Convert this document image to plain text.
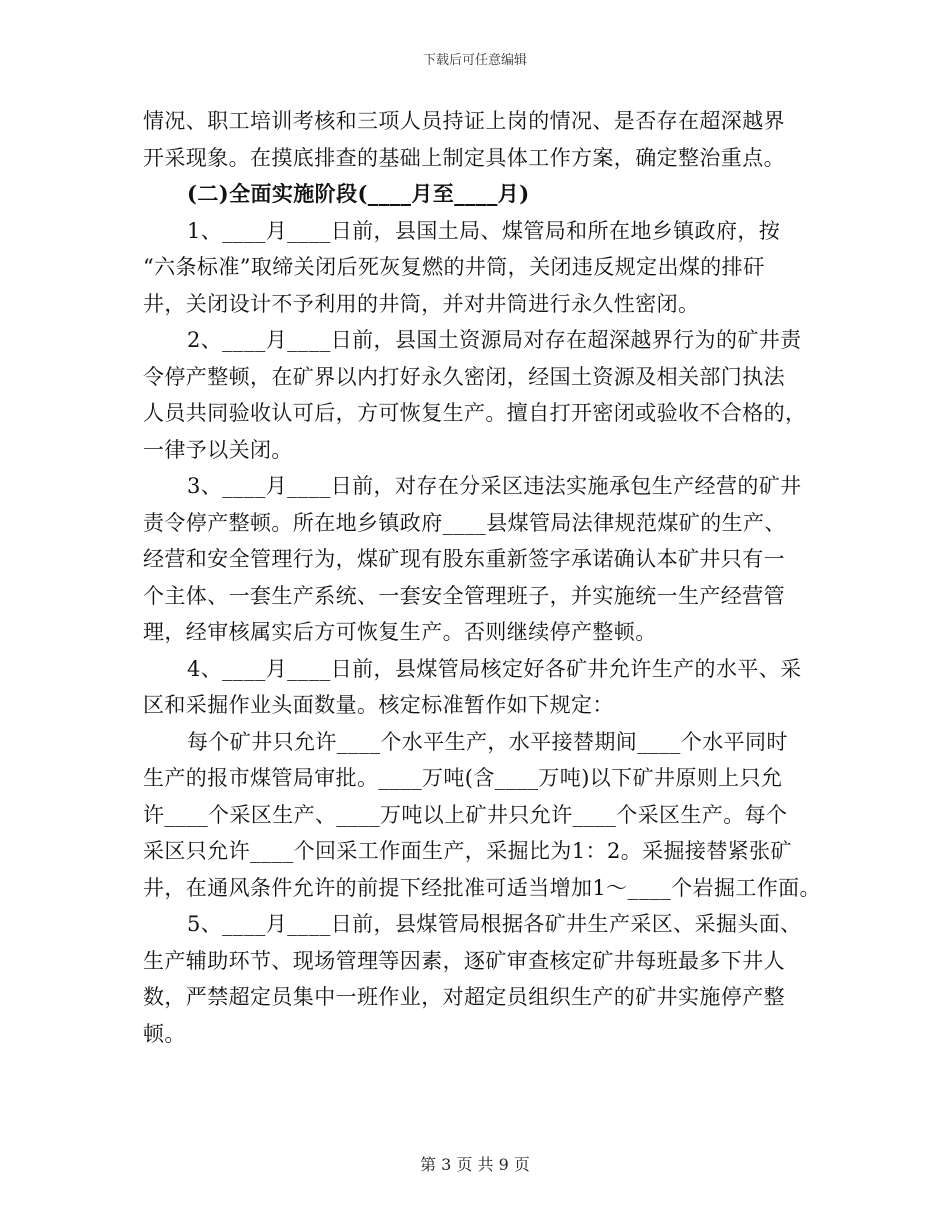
下载后可任意编辑

情况、职工培训考核和三项人员持证上岗的情况、是否存在超深越界

开采现象。在摸底排查的基础上制定具体工作方案，确定整治重点。

(二)全面实施阶段(____月至____月)

1、____月____日前，县国土局、煤管局和所在地乡镇政府，按

“六条标准”取缔关闭后死灰复燃的井筒，关闭违反规定出煤的排矸

井，关闭设计不予利用的井筒，并对井筒进行永久性密闭。

2、____月____日前，县国土资源局对存在超深越界行为的矿井责

令停产整顿，在矿界以内打好永久密闭，经国土资源及相关部门执法

人员共同验收认可后，方可恢复生产。擅自打开密闭或验收不合格的，

一律予以关闭。

3、____月____日前，对存在分采区违法实施承包生产经营的矿井

责令停产整顿。所在地乡镇政府____县煤管局法律规范煤矿的生产、

经营和安全管理行为，煤矿现有股东重新签字承诺确认本矿井只有一

个主体、一套生产系统、一套安全管理班子，并实施统一生产经营管

理，经审核属实后方可恢复生产。否则继续停产整顿。

4、____月____日前，县煤管局核定好各矿井允许生产的水平、采

区和采掘作业头面数量。核定标准暂作如下规定：

每个矿井只允许____个水平生产，水平接替期间____个水平同时

生产的报市煤管局审批。____万吨(含____万吨)以下矿井原则上只允

许____个采区生产、____万吨以上矿井只允许____个采区生产。每个

采区只允许____个回采工作面生产，采掘比为1：2。采掘接替紧张矿

井，在通风条件允许的前提下经批准可适当增加1～____个岩掘工作面。

5、____月____日前，县煤管局根据各矿井生产采区、采掘头面、

生产辅助环节、现场管理等因素，逐矿审查核定矿井每班最多下井人

数，严禁超定员集中一班作业，对超定员组织生产的矿井实施停产整

顿。

第 3 页 共 9 页
